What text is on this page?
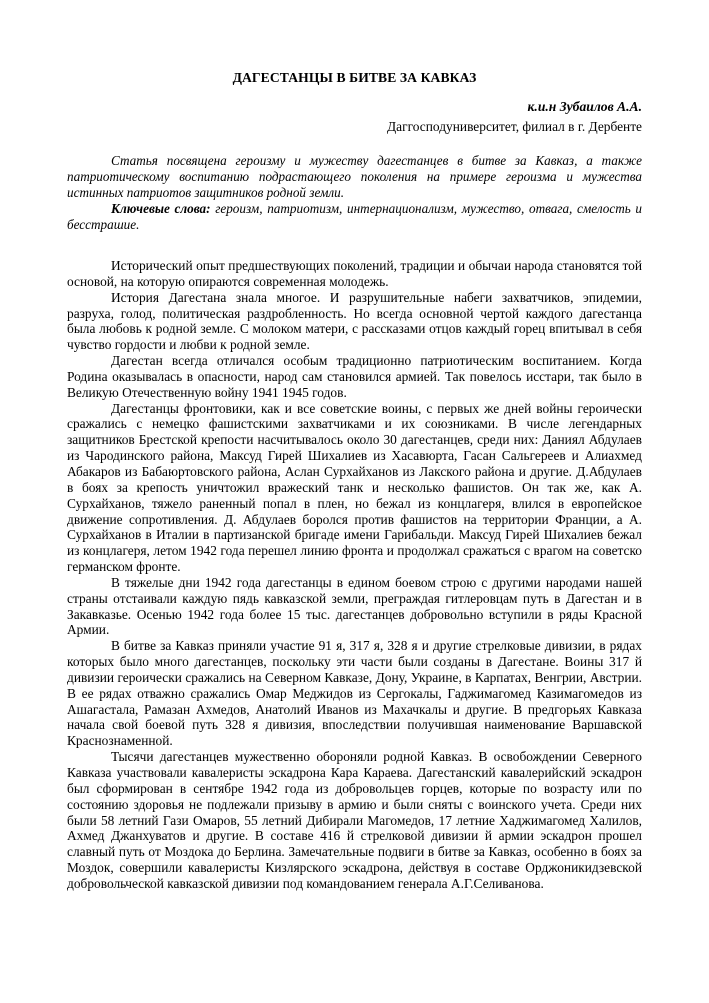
ДАГЕСТАНЦЫ В БИТВЕ ЗА КАВКАЗ
к.и.н Зубаилов А.А.
Даггосподуниверситет, филиал в г. Дербенте

Статья посвящена героизму и мужеству дагестанцев в битве за Кавказ, а также патриотическому воспитанию подрастающего поколения на примере героизма и мужества истинных патриотов защитников родной земли.

Ключевые слова: героизм, патриотизм, интернационализм, мужество, отвага, смелость и бесстрашие.

Исторический опыт предшествующих поколений, традиции и обычаи народа становятся той основой, на которую опираются современная молодежь.

История Дагестана знала многое. И разрушительные набеги захватчиков, эпидемии, разруха, голод, политическая раздробленность. Но всегда основной чертой каждого дагестанца была любовь к родной земле. С молоком матери, с рассказами отцов каждый горец впитывал в себя чувство гордости и любви к родной земле.

Дагестан всегда отличался особым традиционно патриотическим воспитанием. Когда Родина оказывалась в опасности, народ сам становился армией. Так повелось исстари, так было в Великую Отечественную войну 1941 1945 годов.

Дагестанцы фронтовики, как и все советские воины, с первых же дней войны героически сражались с немецко фашистскими захватчиками и их союзниками. В числе легендарных защитников Брестской крепости насчитывалось около 30 дагестанцев, среди них: Даниял Абдулаев из Чародинского района, Максуд Гирей Шихалиев из Хасавюрта, Гасан Сальгереев и Алиахмед Абакаров из Бабаюртовского района, Аслан Сурхайханов из Лакского района и другие. Д.Абдулаев в боях за крепость уничтожил вражеский танк и несколько фашистов. Он так же, как А. Сурхайханов, тяжело раненный попал в плен, но бежал из концлагеря, влился в европейское движение сопротивления. Д. Абдулаев боролся против фашистов на территории Франции, а А. Сурхайханов в Италии в партизанской бригаде имени Гарибальди. Максуд Гирей Шихалиев бежал из концлагеря, летом 1942 года перешел линию фронта и продолжал сражаться с врагом на советско германском фронте.

В тяжелые дни 1942 года дагестанцы в едином боевом строю с другими народами нашей страны отстаивали каждую пядь кавказской земли, преграждая гитлеровцам путь в Дагестан и в Закавказье. Осенью 1942 года более 15 тыс. дагестанцев добровольно вступили в ряды Красной Армии.

В битве за Кавказ приняли участие 91 я, 317 я, 328 я и другие стрелковые дивизии, в рядах которых было много дагестанцев, поскольку эти части были созданы в Дагестане. Воины 317 й дивизии героически сражались на Северном Кавказе, Дону, Украине, в Карпатах, Венгрии, Австрии. В ее рядах отважно сражались Омар Меджидов из Сергокалы, Гаджимагомед Казимагомедов из Ашагастала, Рамазан Ахмедов, Анатолий Иванов из Махачкалы и другие. В предгорьях Кавказа начала свой боевой путь 328 я дивизия, впоследствии получившая наименование Варшавской Краснознаменной.

Тысячи дагестанцев мужественно обороняли родной Кавказ. В освобождении Северного Кавказа участвовали кавалеристы эскадрона Кара Караева. Дагестанский кавалерийский эскадрон был сформирован в сентябре 1942 года из добровольцев горцев, которые по возрасту или по состоянию здоровья не подлежали призыву в армию и были сняты с воинского учета. Среди них были 58 летний Гази Омаров, 55 летний Дибирали Магомедов, 17 летние Хаджимагомед Халилов, Ахмед Джанхуватов и другие. В составе 416 й стрелковой дивизии й армии эскадрон прошел славный путь от Моздока до Берлина. Замечательные подвиги в битве за Кавказ, особенно в боях за Моздок, совершили кавалеристы Кизлярского эскадрона, действуя в составе Орджоникидзевской добровольческой кавказской дивизии под командованием генерала А.Г.Селиванова.
